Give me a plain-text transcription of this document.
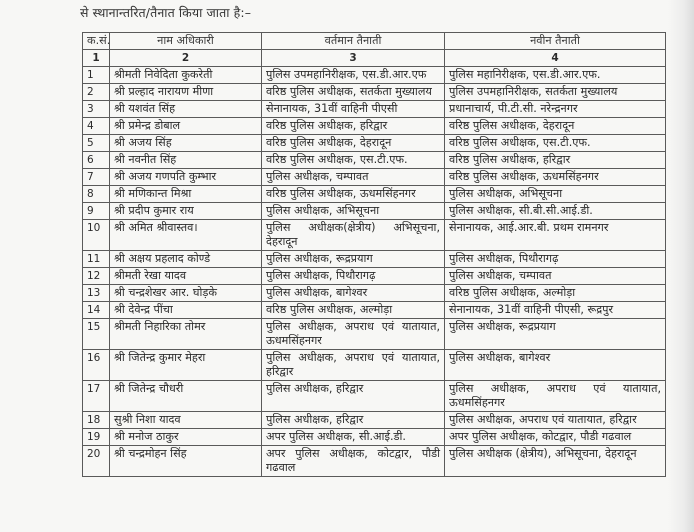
से स्थानान्तरित/तैनात किया जाता है:–
क.सं.	नाम अधिकारी	वर्तमान तैनाती	नवीन तैनाती
1	2	3	4
1	श्रीमती निवेदिता कुकरेती	पुलिस उपमहानिरीक्षक, एस.डी.आर.एफ	पुलिस महानिरीक्षक, एस.डी.आर.एफ.
2	श्री प्रल्हाद नारायण मीणा	वरिष्ठ पुलिस अधीक्षक, सतर्कता मुख्यालय	पुलिस उपमहानिरीक्षक, सतर्कता मुख्यालय
3	श्री यशवंत सिंह	सेनानायक, 31वीं वाहिनी पीएसी	प्रधानाचार्य, पी.टी.सी. नरेन्द्रनगर
4	श्री प्रमेन्द्र डोबाल	वरिष्ठ पुलिस अधीक्षक, हरिद्वार	वरिष्ठ पुलिस अधीक्षक, देहरादून
5	श्री अजय सिंह	वरिष्ठ पुलिस अधीक्षक, देहरादून	वरिष्ठ पुलिस अधीक्षक, एस.टी.एफ.
6	श्री नवनीत सिंह	वरिष्ठ पुलिस अधीक्षक, एस.टी.एफ.	वरिष्ठ पुलिस अधीक्षक, हरिद्वार
7	श्री अजय गणपति कुम्भार	पुलिस अधीक्षक, चम्पावत	वरिष्ठ पुलिस अधीक्षक, ऊधमसिंहनगर
8	श्री मणिकान्त मिश्रा	वरिष्ठ पुलिस अधीक्षक, ऊधमसिंहनगर	पुलिस अधीक्षक, अभिसूचना
9	श्री प्रदीप कुमार राय	पुलिस अधीक्षक, अभिसूचना	पुलिस अधीक्षक, सी.बी.सी.आई.डी.
10	श्री अमित श्रीवास्तव।	पुलिस अधीक्षक(क्षेत्रीय) अभिसूचना, देहरादून	सेनानायक, आई.आर.बी. प्रथम रामनगर
11	श्री अक्षय प्रहलाद कोण्डे	पुलिस अधीक्षक, रूद्रप्रयाग	पुलिस अधीक्षक, पिथौरागढ़
12	श्रीमती रेखा यादव	पुलिस अधीक्षक, पिथौरागढ़	पुलिस अधीक्षक, चम्पावत
13	श्री चन्द्रशेखर आर. घोड़के	पुलिस अधीक्षक, बागेश्वर	वरिष्ठ पुलिस अधीक्षक, अल्मोड़ा
14	श्री देवेन्द्र पींचा	वरिष्ठ पुलिस अधीक्षक, अल्मोड़ा	सेनानायक, 31वीं वाहिनी पीएसी, रूद्रपुर
15	श्रीमती निहारिका तोमर	पुलिस अधीक्षक, अपराध एवं यातायात, ऊधमसिंहनगर	पुलिस अधीक्षक, रूद्रप्रयाग
16	श्री जितेन्द्र कुमार मेहरा	पुलिस अधीक्षक, अपराध एवं यातायात, हरिद्वार	पुलिस अधीक्षक, बागेश्वर
17	श्री जितेन्द्र चौधरी	पुलिस अधीक्षक, हरिद्वार	पुलिस अधीक्षक, अपराध एवं यातायात, ऊधमसिंहनगर
18	सुश्री निशा यादव	पुलिस अधीक्षक, हरिद्वार	पुलिस अधीक्षक, अपराध एवं यातायात, हरिद्वार
19	श्री मनोज ठाकुर	अपर पुलिस अधीक्षक, सी.आई.डी.	अपर पुलिस अधीक्षक, कोटद्वार, पौडी गढवाल
20	श्री चन्द्रमोहन सिंह	अपर पुलिस अधीक्षक, कोटद्वार, पौडी गढवाल	पुलिस अधीक्षक (क्षेत्रीय), अभिसूचना, देहरादून
